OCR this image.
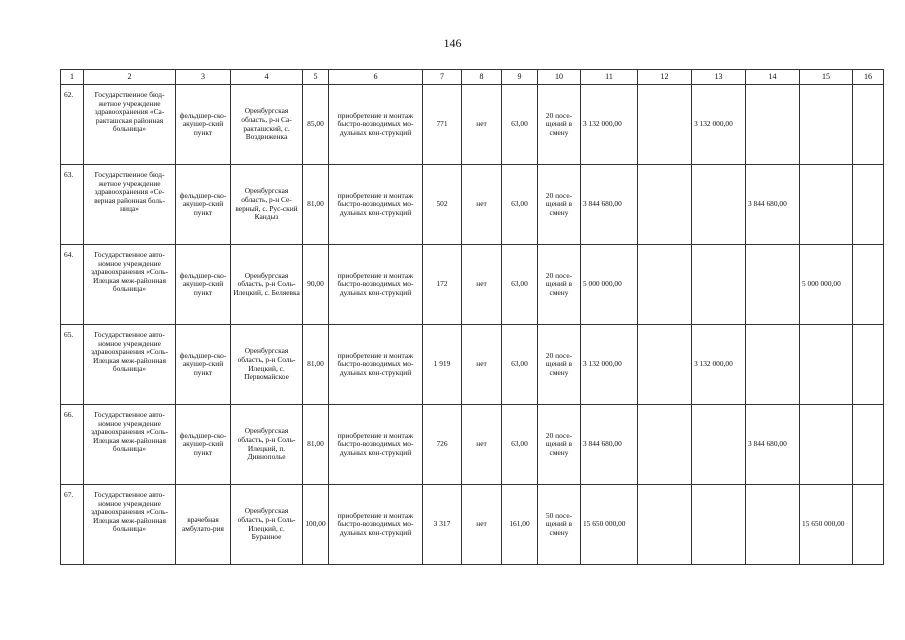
146
1	2	3	4	5	6	7	8	9	10	11	12	13	14	15	16
62.	Государственное бюд-жетное учреждение здравоохранения «Са-ракташская районная больница»	фельдшер-ско-акушер-ский пункт	Оренбургская область, р-н Са-ракташский, с. Воздвиженка	85,00	приобретение и монтаж быстро-возводимых мо-дульных кон-струкций	771	нет	63,00	20 посе-щений в смену	3 132 000,00		3 132 000,00			
63.	Государственное бюд-жетное учреждение здравоохранения «Се-верная районная боль-ница»	фельдшер-ско-акушер-ский пункт	Оренбургская область, р-н Се-верный, с. Рус-ский Кандыз	81,00	приобретение и монтаж быстро-возводимых мо-дульных кон-струкций	502	нет	63,00	20 посе-щений в смену	3 844 680,00			3 844 680,00		
64.	Государственное авто-номное учреждение здравоохранения «Соль-Илецкая меж-районная больница»	фельдшер-ско-акушер-ский пункт	Оренбургская область, р-н Соль-Илецкий, с. Беляевка	90,00	приобретение и монтаж быстро-возводимых мо-дульных кон-струкций	172	нет	63,00	20 посе-щений в смену	5 000 000,00				5 000 000,00	
65.	Государственное авто-номное учреждение здравоохранения «Соль-Илецкая меж-районная больница»	фельдшер-ско-акушер-ский пункт	Оренбургская область, р-н Соль-Илецкий, с. Первомайское	81,00	приобретение и монтаж быстро-возводимых мо-дульных кон-струкций	1 919	нет	63,00	20 посе-щений в смену	3 132 000,00		3 132 000,00			
66.	Государственное авто-номное учреждение здравоохранения «Соль-Илецкая меж-районная больница»	фельдшер-ско-акушер-ский пункт	Оренбургская область, р-н Соль-Илецкий, п. Дивнополье	81,00	приобретение и монтаж быстро-возводимых мо-дульных кон-струкций	726	нет	63,00	20 посе-щений в смену	3 844 680,00			3 844 680,00		
67.	Государственное авто-номное учреждение здравоохранения «Соль-Илецкая меж-районная больница»	врачебная амбулато-рия	Оренбургская область, р-н Соль-Илецкий, с. Буранное	100,00	приобретение и монтаж быстро-возводимых мо-дульных кон-струкций	3 317	нет	161,00	50 посе-щений в смену	15 650 000,00				15 650 000,00	
